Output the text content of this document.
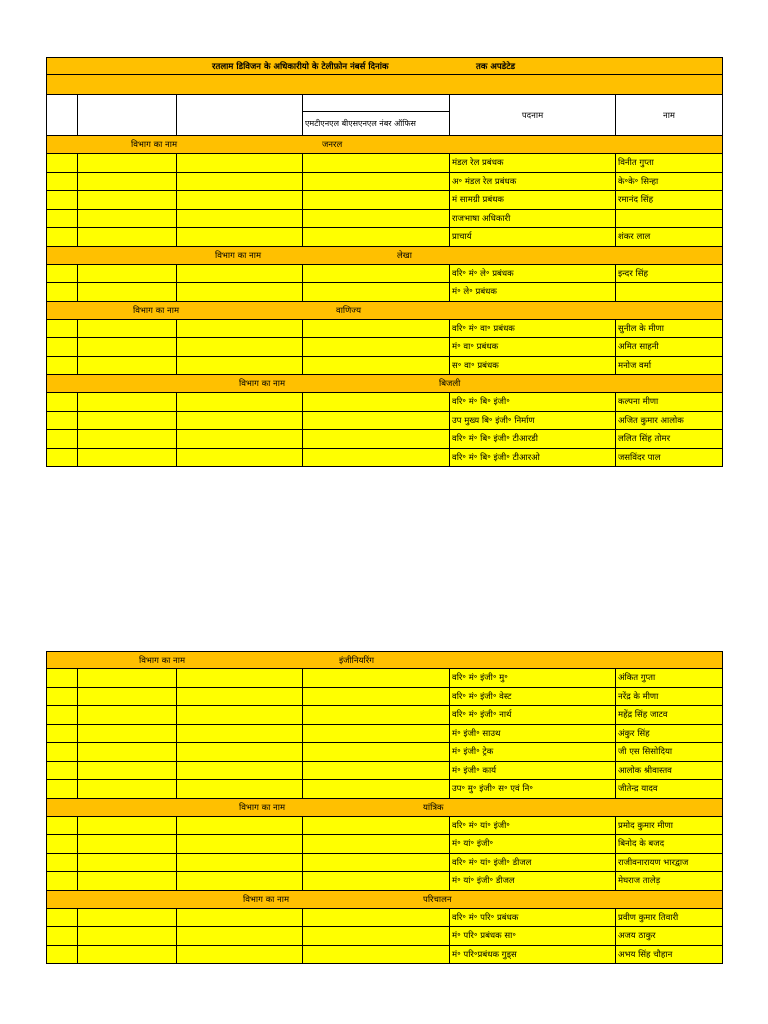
रतलाम डिविजन के अधिकारीयो के टेलीफ़ोन नंबर्स दिनांक	तक अपडेटेड
एमटीएनएल बीएसएनएल नंबर ऑफिस
पदनाम	नाम
विभाग का नाम	जनरल
मंडल रेल प्रबंधक	विनीत गुप्ता
अ॰ मंडल रेल प्रबंधक	के॰के॰ सिन्हा
मं सामग्री प्रबंधक	रमानंद सिंह
राजभाषा अधिकारी
प्राचार्य	शंकर लाल
विभाग का नाम	लेखा
वरि॰ मं॰ ले॰ प्रबंधक	इन्दर सिंह
मं॰ ले॰ प्रबंधक
विभाग का नाम	वाणिज्य
वरि॰ मं॰ वा॰ प्रबंधक	सुनील के मीणा
मं॰ वा॰ प्रबंधक	अमित साहनी
स॰ वा॰ प्रबंधक	मनोज वर्मा
विभाग का नाम	बिजली
वरि॰ मं॰ बि॰ इंजी॰	कल्पना मीणा
उप मुख्य बि॰ इंजी॰ निर्माण	अजित कुमार आलोक
वरि॰ मं॰ बि॰ इंजी॰ टीआरडी	ललित सिंह तोमर
वरि॰ मं॰ बि॰ इंजी॰ टीआरओ	जसविंदर पाल
विभाग का नाम	इंजीनियरिंग
वरि॰ मं॰ इंजी॰ मु॰	अंकित गुप्ता
वरि॰ मं॰ इंजी॰ वेस्ट	नरेंद्र के मीणा
वरि॰ मं॰ इंजी॰ नार्थ	महेंद्र सिंह जाटव
मं॰ इंजी॰ साउथ	अंकुर सिंह
मं॰ इंजी॰ ट्रेक	जी एस सिसोदिया
मं॰ इंजी॰ कार्य	आलोक श्रीवास्तव
उप॰ मु॰ इंजी॰ स॰ एवं नि॰	जीतेन्द्र यादव
विभाग का नाम	यांत्रिक
वरि॰ मं॰ यां॰ इंजी॰	प्रमोद कुमार मीणा
मं॰ यां॰ इंजी॰	बिनोद के बजद
वरि॰ मं॰ यां॰ इंजी॰ डीजल	राजीवनारायण भारद्वाज
मं॰ यां॰ इंजी॰ डीजल	मेघराज तालेड़
विभाग का नाम	परिचालन
वरि॰ मं॰ परि॰ प्रबंधक	प्रवीण कुमार तिवारी
मं॰ परि॰ प्रबंधक सा॰	अजय ठाकुर
मं॰ परि॰प्रबंधक गुड्स	अभय सिंह चौहान
